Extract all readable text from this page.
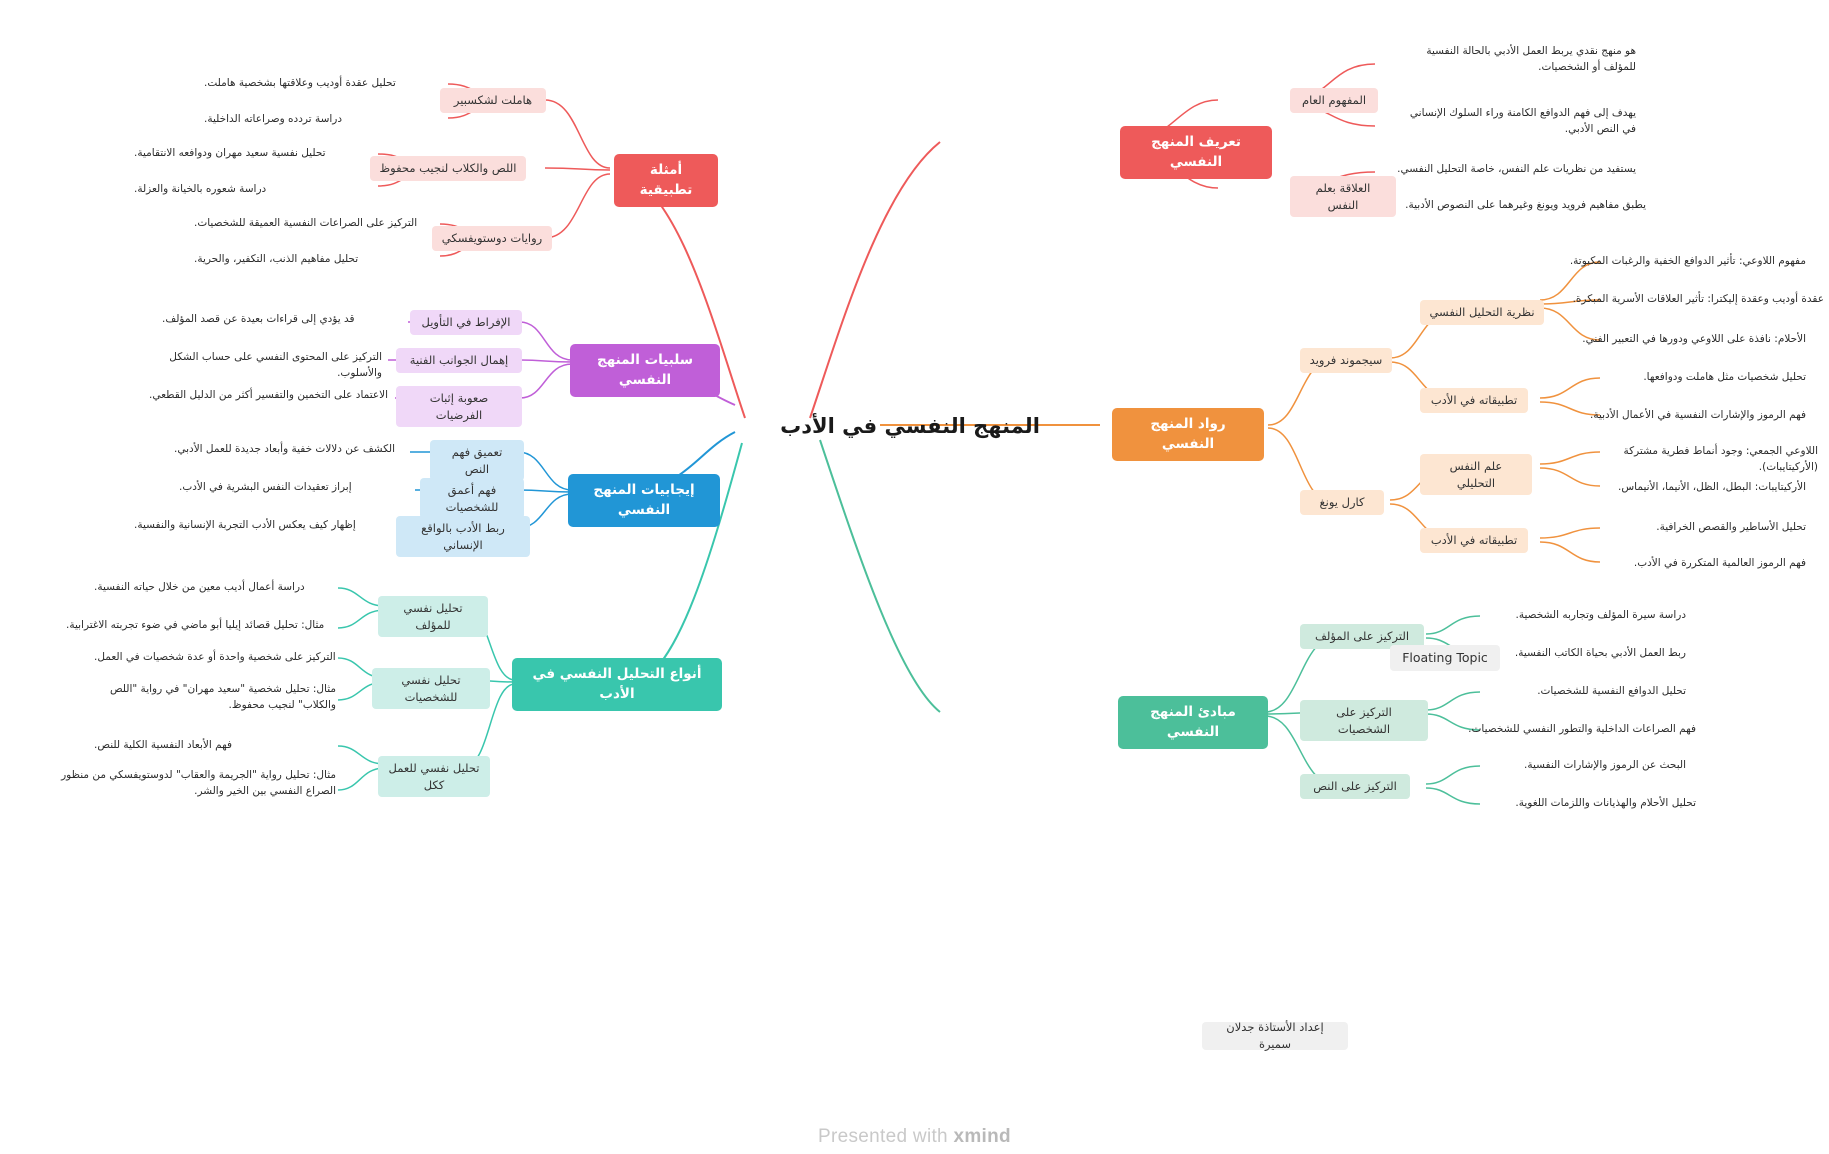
المنهج النفسي في الأدب
تعريف المنهج النفسي
المفهوم العام
العلاقة بعلم النفس
هو منهج نقدي يربط العمل الأدبي بالحالة النفسية للمؤلف أو الشخصيات.
يهدف إلى فهم الدوافع الكامنة وراء السلوك الإنساني في النص الأدبي.
يستفيد من نظريات علم النفس، خاصة التحليل النفسي.
يطبق مفاهيم فرويد ويونغ وغيرهما على النصوص الأدبية.
رواد المنهج النفسي
سيجموند فرويد
كارل يونغ
نظرية التحليل النفسي
تطبيقاته في الأدب
علم النفس التحليلي
تطبيقاته في الأدب
مفهوم اللاوعي: تأثير الدوافع الخفية والرغبات المكبوتة.
عقدة أوديب وعقدة إليكترا: تأثير العلاقات الأسرية المبكرة.
الأحلام: نافذة على اللاوعي ودورها في التعبير الفني.
تحليل شخصيات مثل هاملت ودوافعها.
فهم الرموز والإشارات النفسية في الأعمال الأدبية.
اللاوعي الجمعي: وجود أنماط فطرية مشتركة (الأركيتايبات).
الأركيتايبات: البطل، الظل، الأنيما، الأنيماس.
تحليل الأساطير والقصص الخرافية.
فهم الرموز العالمية المتكررة في الأدب.
مبادئ المنهج النفسي
التركيز على المؤلف
التركيز على الشخصيات
التركيز على النص
دراسة سيرة المؤلف وتجاربه الشخصية.
ربط العمل الأدبي بحياة الكاتب النفسية.
تحليل الدوافع النفسية للشخصيات.
فهم الصراعات الداخلية والتطور النفسي للشخصيات.
البحث عن الرموز والإشارات النفسية.
تحليل الأحلام والهذيانات واللزمات اللغوية.
أمثلة تطبيقية
هاملت لشكسبير
اللص والكلاب لنجيب محفوظ
روايات دوستويفسكي
تحليل عقدة أوديب وعلاقتها بشخصية هاملت.
دراسة تردده وصراعاته الداخلية.
تحليل نفسية سعيد مهران ودوافعه الانتقامية.
دراسة شعوره بالخيانة والعزلة.
التركيز على الصراعات النفسية العميقة للشخصيات.
تحليل مفاهيم الذنب، التكفير، والحرية.
سلبيات المنهج النفسي
الإفراط في التأويل
إهمال الجوانب الفنية
صعوبة إثبات الفرضيات
قد يؤدي إلى قراءات بعيدة عن قصد المؤلف.
التركيز على المحتوى النفسي على حساب الشكل والأسلوب.
الاعتماد على التخمين والتفسير أكثر من الدليل القطعي.
إيجابيات المنهج النفسي
تعميق فهم النص
فهم أعمق للشخصيات
ربط الأدب بالواقع الإنساني
الكشف عن دلالات خفية وأبعاد جديدة للعمل الأدبي.
إبراز تعقيدات النفس البشرية في الأدب.
إظهار كيف يعكس الأدب التجربة الإنسانية والنفسية.
أنواع التحليل النفسي في الأدب
تحليل نفسي للمؤلف
تحليل نفسي للشخصيات
تحليل نفسي للعمل ككل
دراسة أعمال أديب معين من خلال حياته النفسية.
مثال: تحليل قصائد إيليا أبو ماضي في ضوء تجربته الاغترابية.
التركيز على شخصية واحدة أو عدة شخصيات في العمل.
مثال: تحليل شخصية "سعيد مهران" في رواية "اللص والكلاب" لنجيب محفوظ.
فهم الأبعاد النفسية الكلية للنص.
مثال: تحليل رواية "الجريمة والعقاب" لدوستويفسكي من منظور الصراع النفسي بين الخير والشر.
Floating Topic
إعداد الأستاذة جدلان سميرة
Presented with xmind
